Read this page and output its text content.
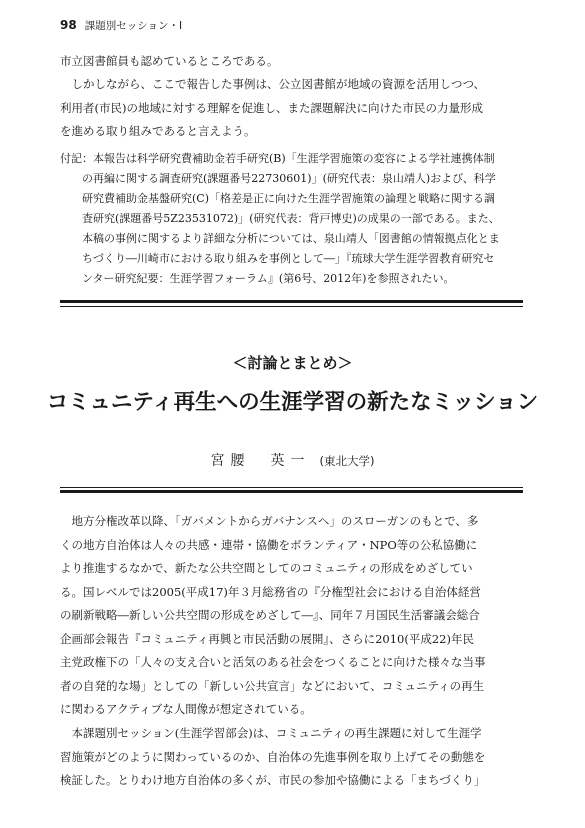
98 課題別セッション・Ⅰ
市立図書館員も認めているところである。
　しかしながら、ここで報告した事例は、公立図書館が地域の資源を活用しつつ、
利用者(市民)の地域に対する理解を促進し、また課題解決に向けた市民の力量形成
を進める取り組みであると言えよう。
付記：本報告は科学研究費補助金若手研究(B)「生涯学習施策の変容による学社連携体制
　　の再編に関する調査研究(課題番号22730601)」(研究代表：泉山靖人)および、科学
　　研究費補助金基盤研究(C)「格差是正に向けた生涯学習施策の論理と戦略に関する調
　　査研究(課題番号5Z23531072)」(研究代表：背戸博史)の成果の一部である。また、
　　本稿の事例に関するより詳細な分析については、泉山靖人「図書館の情報拠点化とま
　　ちづくり―川崎市における取り組みを事例として―」『琉球大学生涯学習教育研究セ
　　ンター研究紀要：生涯学習フォーラム』(第6号、2012年)を参照されたい。
＜討論とまとめ＞
コミュニティ再生への生涯学習の新たなミッション
宮腰　英一 (東北大学)
　地方分権改革以降、「ガバメントからガバナンスへ」のスローガンのもとで、多
くの地方自治体は人々の共感・連帯・協働をボランティア・NPO等の公私協働に
より推進するなかで、新たな公共空間としてのコミュニティの形成をめざしてい
る。国レベルでは2005(平成17)年３月総務省の『分権型社会における自治体経営
の刷新戦略―新しい公共空間の形成をめざして―』、同年７月国民生活審議会総合
企画部会報告『コミュニティ再興と市民活動の展開』、さらに2010(平成22)年民
主党政権下の「人々の支え合いと活気のある社会をつくることに向けた様々な当事
者の自発的な場」としての「新しい公共宣言」などにおいて、コミュニティの再生
に関わるアクティブな人間像が想定されている。
　本課題別セッション(生涯学習部会)は、コミュニティの再生課題に対して生涯学
習施策がどのように関わっているのか、自治体の先進事例を取り上げてその動態を
検証した。とりわけ地方自治体の多くが、市民の参加や協働による「まちづくり」
